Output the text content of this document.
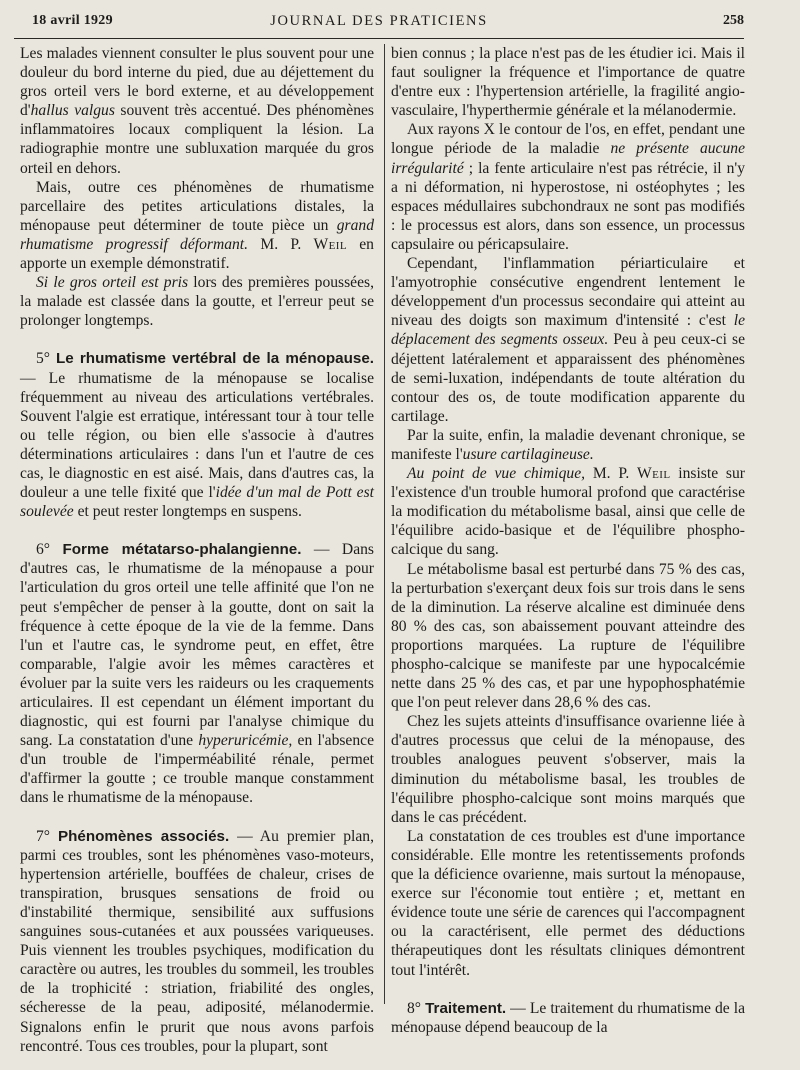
18 avril 1929	JOURNAL DES PRATICIENS	258

Les malades viennent consulter le plus souvent pour une douleur du bord interne du pied, due au déjettement du gros orteil vers le bord externe, et au développement d'hallus valgus souvent très accentué. Des phénomènes inflammatoires locaux compliquent la lésion. La radiographie montre une subluxation marquée du gros orteil en dehors.

Mais, outre ces phénomènes de rhumatisme parcellaire des petites articulations distales, la ménopause peut déterminer de toute pièce un grand rhumatisme progressif déformant. M. P. Weil en apporte un exemple démonstratif.

Si le gros orteil est pris lors des premières poussées, la malade est classée dans la goutte, et l'erreur peut se prolonger longtemps.

5° Le rhumatisme vertébral de la ménopause. — Le rhumatisme de la ménopause se localise fréquemment au niveau des articulations vertébrales. Souvent l'algie est erratique, intéressant tour à tour telle ou telle région, ou bien elle s'associe à d'autres déterminations articulaires : dans l'un et l'autre de ces cas, le diagnostic en est aisé. Mais, dans d'autres cas, la douleur a une telle fixité que l'idée d'un mal de Pott est soulevée et peut rester longtemps en suspens.

6° Forme métatarso-phalangienne. — Dans d'autres cas, le rhumatisme de la ménopause a pour l'articulation du gros orteil une telle affinité que l'on ne peut s'empêcher de penser à la goutte, dont on sait la fréquence à cette époque de la vie de la femme. Dans l'un et l'autre cas, le syndrome peut, en effet, être comparable, l'algie avoir les mêmes caractères et évoluer par la suite vers les raideurs ou les craquements articulaires. Il est cependant un élément important du diagnostic, qui est fourni par l'analyse chimique du sang. La constatation d'une hyperuricémie, en l'absence d'un trouble de l'imperméabilité rénale, permet d'affirmer la goutte ; ce trouble manque constamment dans le rhumatisme de la ménopause.

7° Phénomènes associés. — Au premier plan, parmi ces troubles, sont les phénomènes vaso-moteurs, hypertension artérielle, bouffées de chaleur, crises de transpiration, brusques sensations de froid ou d'instabilité thermique, sensibilité aux suffusions sanguines sous-cutanées et aux poussées variqueuses. Puis viennent les troubles psychiques, modification du caractère ou autres, les troubles du sommeil, les troubles de la trophicité : striation, friabilité des ongles, sécheresse de la peau, adiposité, mélanodermie. Signalons enfin le prurit que nous avons parfois rencontré. Tous ces troubles, pour la plupart, sont

bien connus ; la place n'est pas de les étudier ici. Mais il faut souligner la fréquence et l'importance de quatre d'entre eux : l'hypertension artérielle, la fragilité angio-vasculaire, l'hyperthermie générale et la mélanodermie.

Aux rayons X le contour de l'os, en effet, pendant une longue période de la maladie ne présente aucune irrégularité ; la fente articulaire n'est pas rétrécie, il n'y a ni déformation, ni hyperostose, ni ostéophytes ; les espaces médullaires subchondraux ne sont pas modifiés : le processus est alors, dans son essence, un processus capsulaire ou péricapsulaire.

Cependant, l'inflammation périarticulaire et l'amyotrophie consécutive engendrent lentement le développement d'un processus secondaire qui atteint au niveau des doigts son maximum d'intensité : c'est le déplacement des segments osseux. Peu à peu ceux-ci se déjettent latéralement et apparaissent des phénomènes de semi-luxation, indépendants de toute altération du contour des os, de toute modification apparente du cartilage.

Par la suite, enfin, la maladie devenant chronique, se manifeste l'usure cartilagineuse.

Au point de vue chimique, M. P. Weil insiste sur l'existence d'un trouble humoral profond que caractérise la modification du métabolisme basal, ainsi que celle de l'équilibre acido-basique et de l'équilibre phospho-calcique du sang.

Le métabolisme basal est perturbé dans 75 % des cas, la perturbation s'exerçant deux fois sur trois dans le sens de la diminution. La réserve alcaline est diminuée dens 80 % des cas, son abaissement pouvant atteindre des proportions marquées. La rupture de l'équilibre phospho-calcique se manifeste par une hypocalcémie nette dans 25 % des cas, et par une hypophosphatémie que l'on peut relever dans 28,6 % des cas.

Chez les sujets atteints d'insuffisance ovarienne liée à d'autres processus que celui de la ménopause, des troubles analogues peuvent s'observer, mais la diminution du métabolisme basal, les troubles de l'équilibre phospho-calcique sont moins marqués que dans le cas précédent.

La constatation de ces troubles est d'une importance considérable. Elle montre les retentissements profonds que la déficience ovarienne, mais surtout la ménopause, exerce sur l'économie tout entière ; et, mettant en évidence toute une série de carences qui l'accompagnent ou la caractérisent, elle permet des déductions thérapeutiques dont les résultats cliniques démontrent tout l'intérêt.

8° Traitement. — Le traitement du rhumatisme de la ménopause dépend beaucoup de la
